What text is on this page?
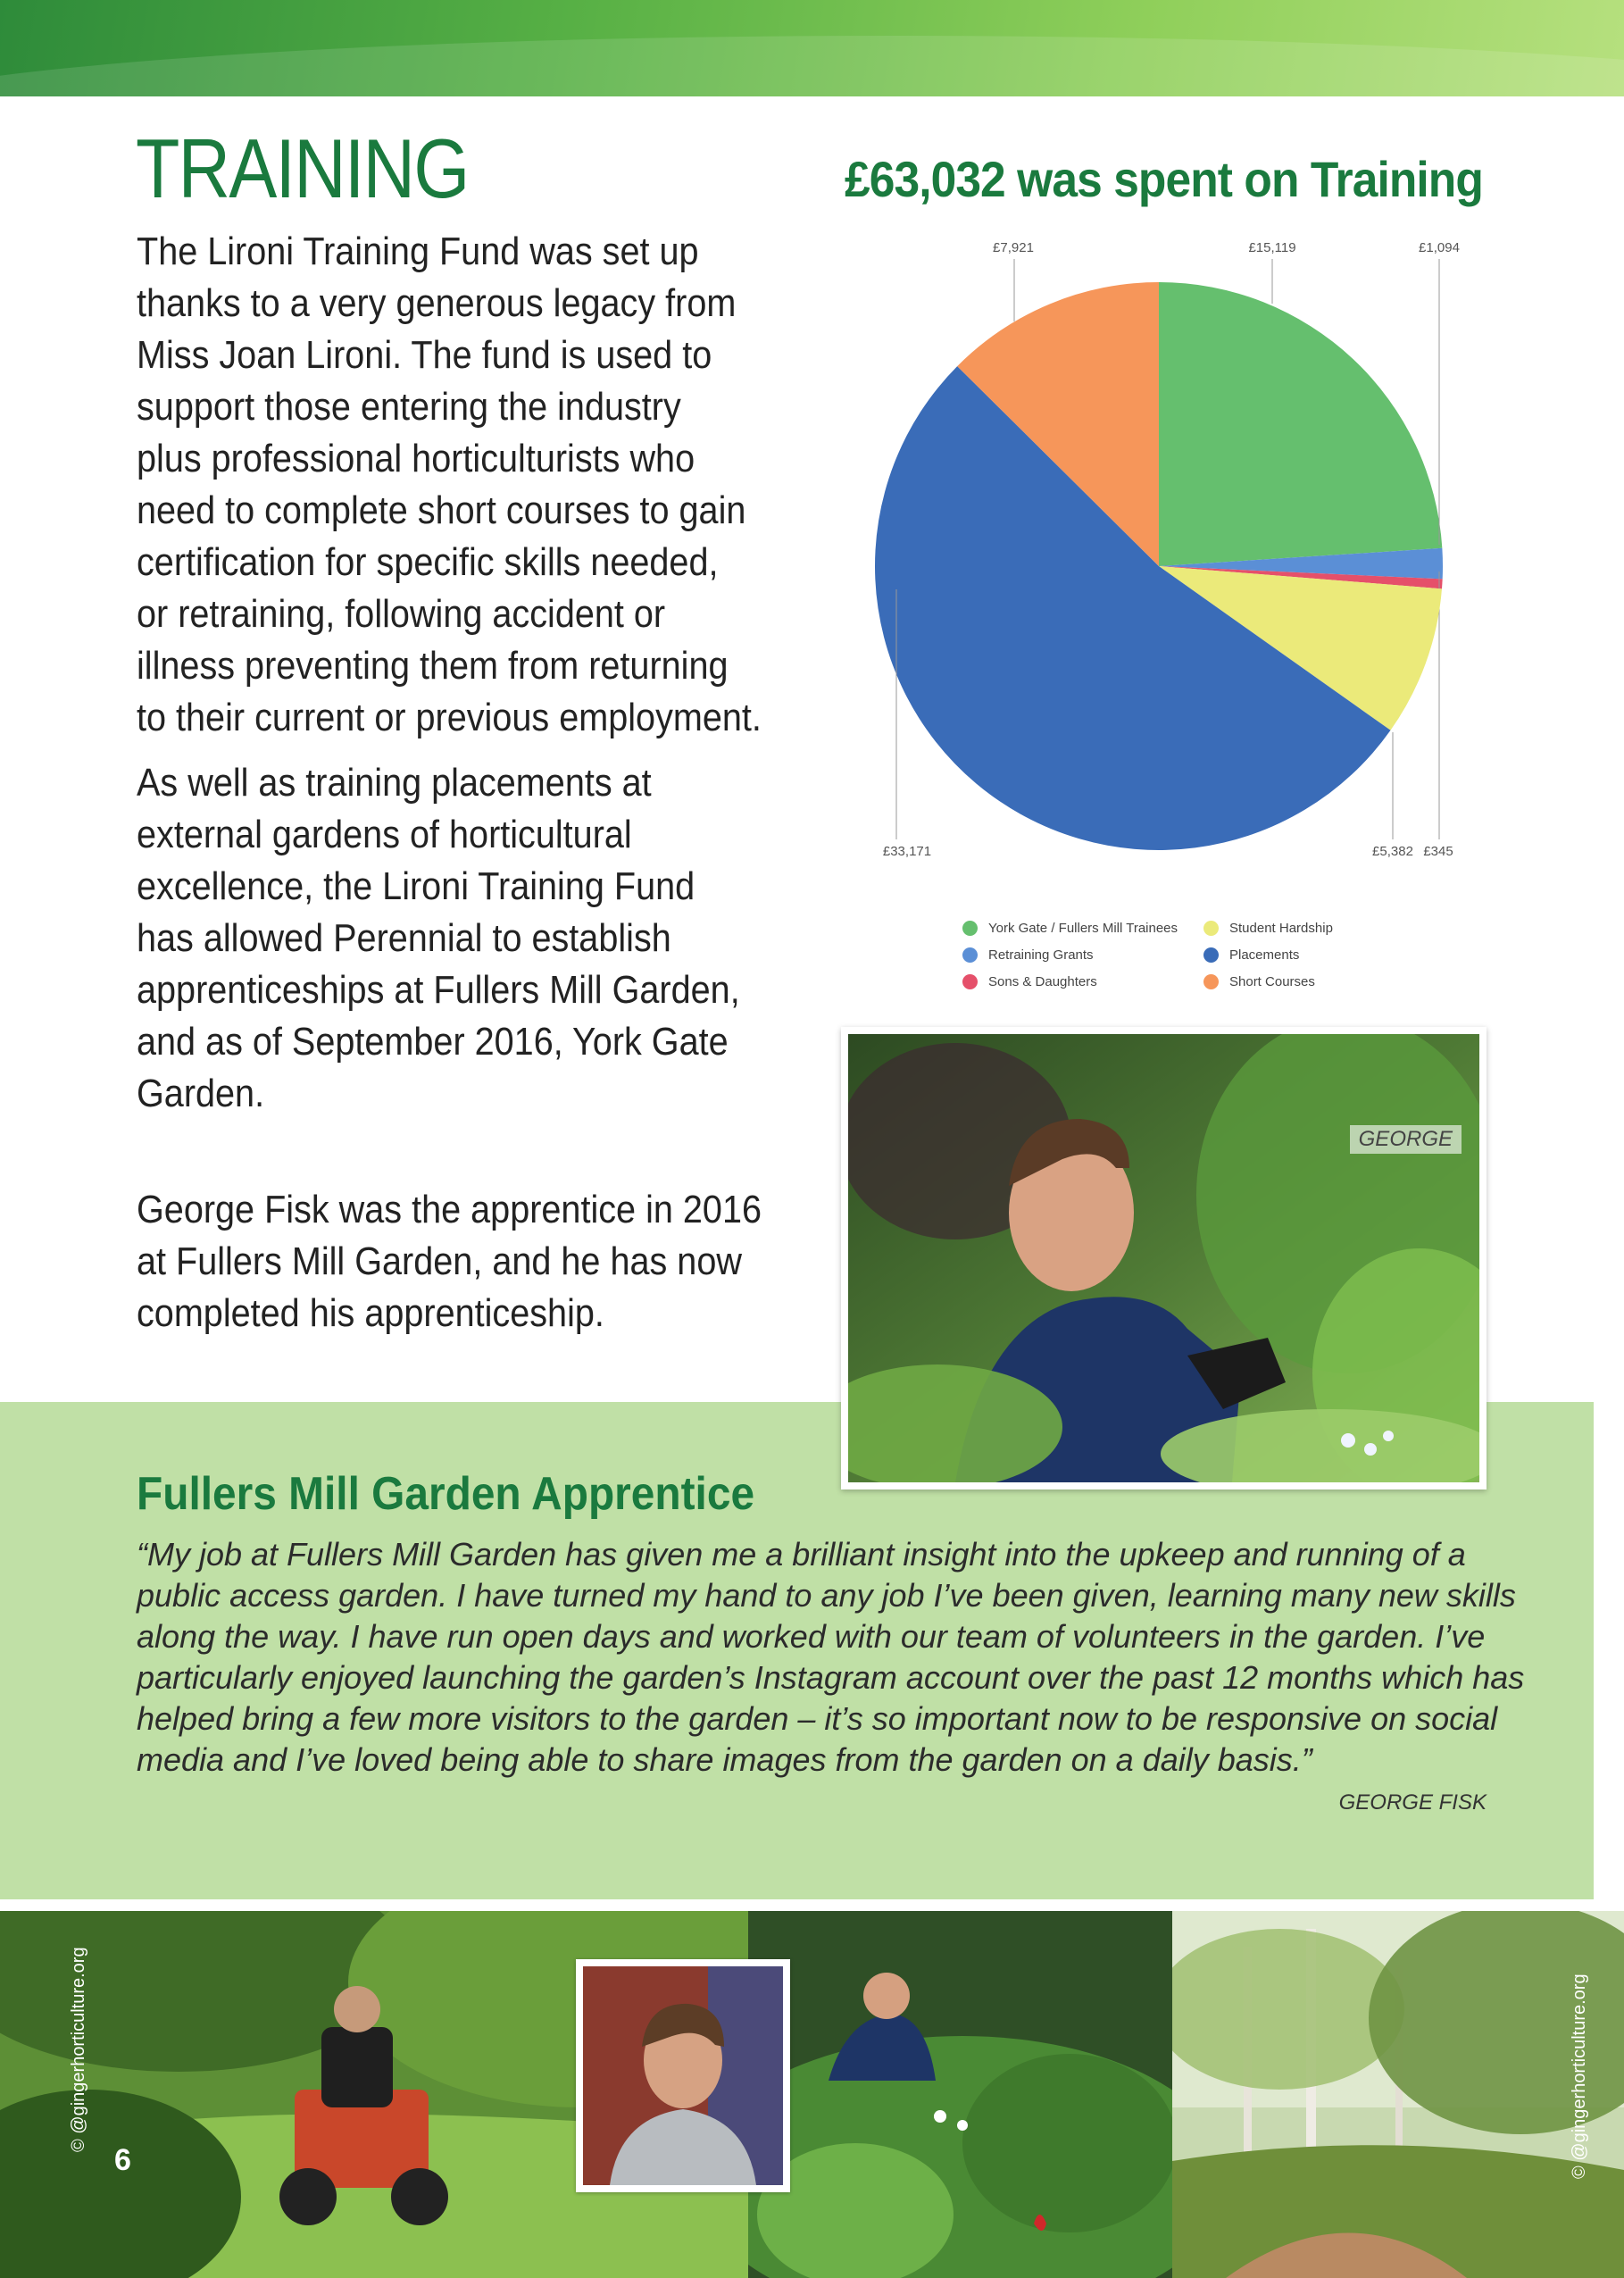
TRAINING

The Lironi Training Fund was set up

thanks to a very generous legacy from

Miss Joan Lironi. The fund is used to

support those entering the industry

plus professional horticulturists who

need to complete short courses to gain

certification for specific skills needed,

or retraining, following accident or

illness preventing them from returning

to their current or previous employment.

As well as training placements at

external gardens of horticultural

excellence, the Lironi Training Fund

has allowed Perennial to establish

apprenticeships at Fullers Mill Garden,

and as of September 2016, York Gate

Garden.

George Fisk was the apprentice in 2016

at Fullers Mill Garden, and he has now

completed his apprenticeship.

£63,032 was spent on Training
£15,119	£1,094
£345
£5,382
£33,171
£7,921
York Gate / Fullers Mill Trainees	Student Hardship
Retraining Grants	Placements
Sons & Daughters	Short Courses
GEORGE
Fullers Mill Garden Apprentice

“My job at Fullers Mill Garden has given me a brilliant insight into the upkeep and running of a public access garden. I have turned my hand to any job I’ve been given, learning many new skills along the way. I have run open days and worked with our team of volunteers in the garden. I’ve particularly enjoyed launching the garden’s Instagram account over the past 12 months which has helped bring a few more visitors to the garden – it’s so important now to be responsive on social media and I’ve loved being able to share images from the garden on a daily basis.”

GEORGE FISK
6
© @gingerhorticulture.org	© @gingerhorticulture.org
